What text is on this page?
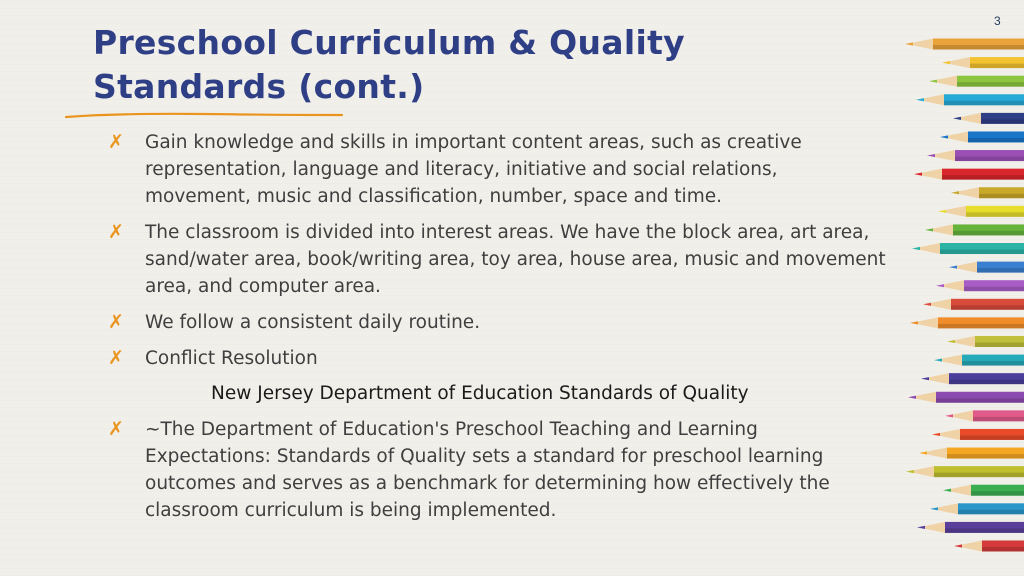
3
Preschool Curriculum & Quality
Standards (cont.)
✗ Gain knowledge and skills in important content areas, such as creative representation, language and literacy, initiative and social relations, movement, music and classification, number, space and time.
✗ The classroom is divided into interest areas. We have the block area, art area, sand/water area, book/writing area, toy area, house area, music and movement area, and computer area.
✗ We follow a consistent daily routine.
✗ Conflict Resolution
New Jersey Department of Education Standards of Quality
✗ ~The Department of Education's Preschool Teaching and Learning Expectations: Standards of Quality sets a standard for preschool learning outcomes and serves as a benchmark for determining how effectively the classroom curriculum is being implemented.
